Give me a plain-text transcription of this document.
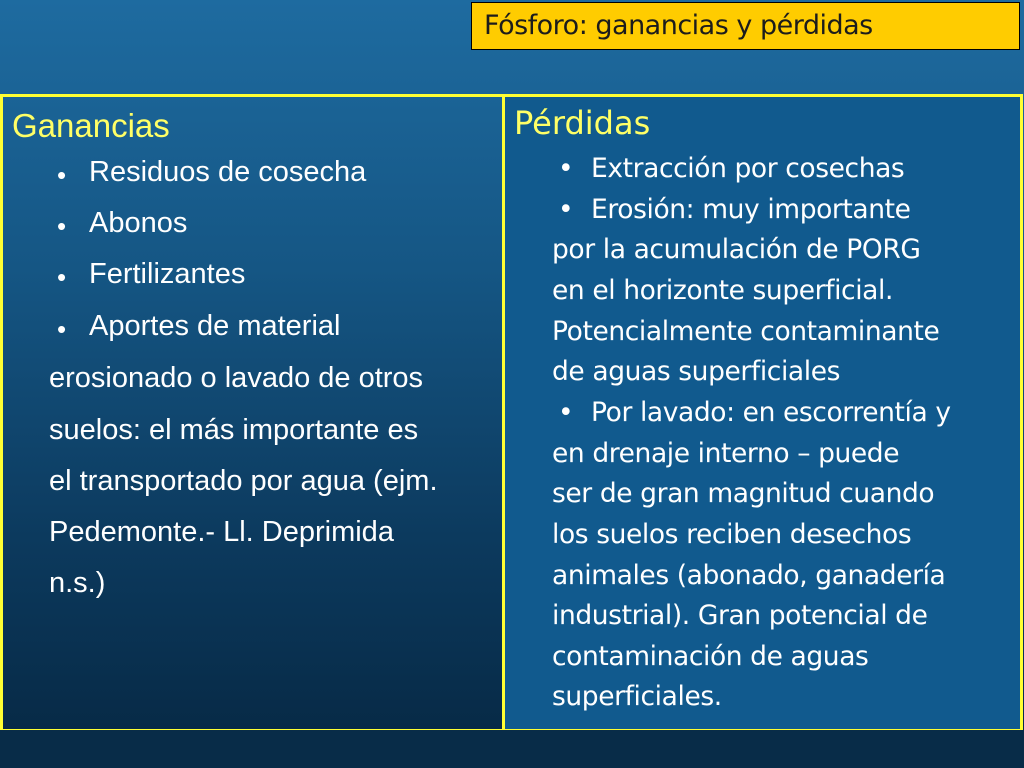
Fósforo: ganancias y pérdidas
Ganancias
• Residuos de cosecha
• Abonos
• Fertilizantes
• Aportes de material
erosionado o lavado de otros
suelos: el más importante es
el transportado por agua (ejm.
Pedemonte.- Ll. Deprimida
n.s.)
Pérdidas
• Extracción por cosechas
• Erosión: muy importante
por la acumulación de PORG
en el horizonte superficial.
Potencialmente contaminante
de aguas superficiales
• Por lavado: en escorrentía y
en drenaje interno – puede
ser de gran magnitud cuando
los suelos reciben desechos
animales (abonado, ganadería
industrial). Gran potencial de
contaminación de aguas
superficiales.
